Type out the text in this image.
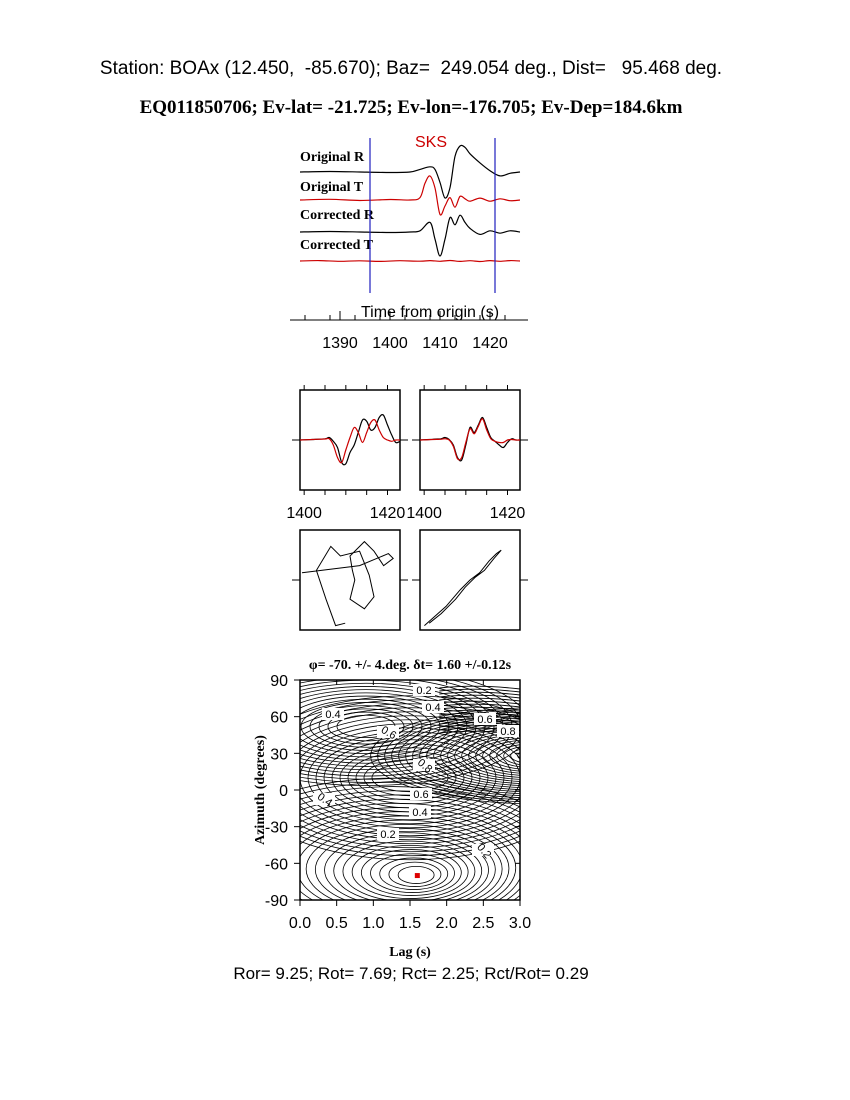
Station: BOAx (12.450,  -85.670); Baz=  249.054 deg., Dist=   95.468 deg.
EQ011850706; Ev-lat= -21.725; Ev-lon=-176.705; Ev-Dep=184.6km
Original R
Original T
Corrected R
Corrected T
SKS
Time from origin (s)
1390 1400 1410 1420
1400	1420 1400	1420
0.2
0.4
0.6
0.8
0.6
0.8
0.6
0.4
0.4
0.2
0.2
0.4
φ= -70. +/- 4.deg. δt= 1.60 +/-0.12s
0.0 0.5 1.0 1.5 2.0 2.5 3.0
90
60
30
0
-30
-60
-90
Lag (s)
Azimuth (degrees)
Ror= 9.25; Rot= 7.69; Rct= 2.25; Rct/Rot= 0.29
